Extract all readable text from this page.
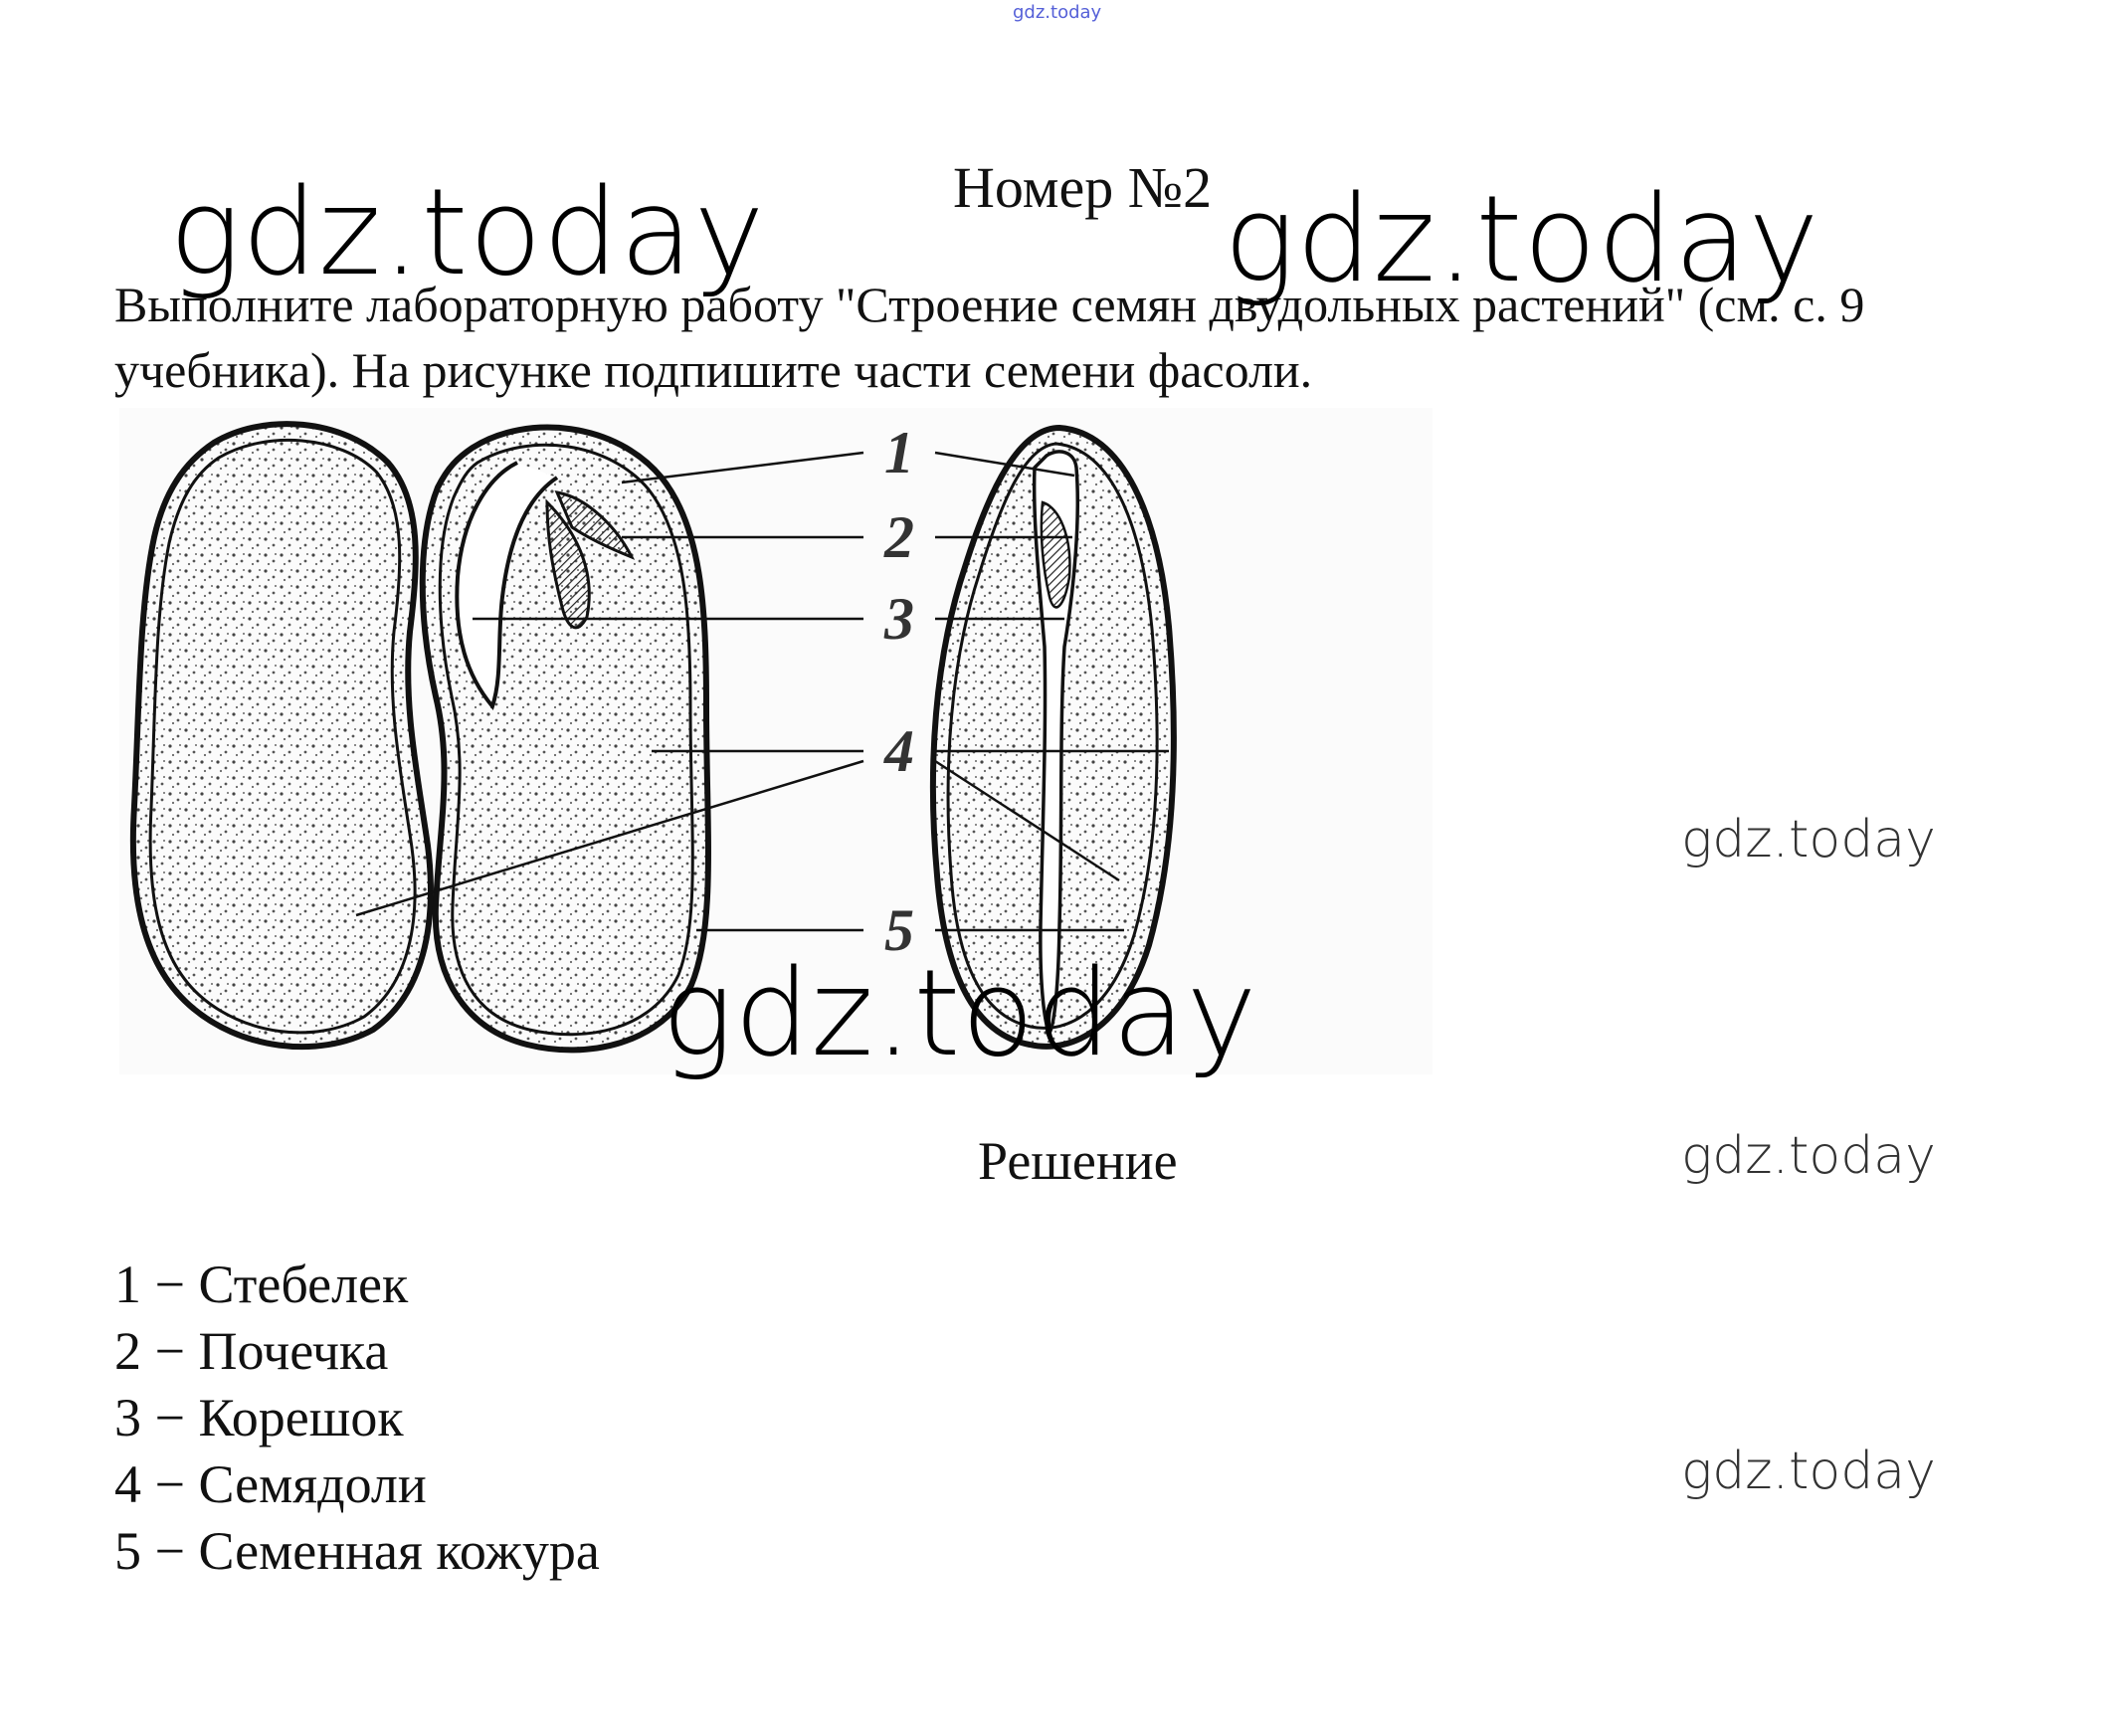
gdz.today
Номер №2
Выполните лабораторную работу "Строение семян двудольных растений" (см. с. 9 учебника). На рисунке подпишите части семени фасоли.
1
2
3
4
5
gdz.today	gdz.today
gdz.today
gdz.today
gdz.today
gdz.today
Решение
1 − Стебелек
2 − Почечка
3 − Корешок
4 − Семядоли
5 − Семенная кожура
